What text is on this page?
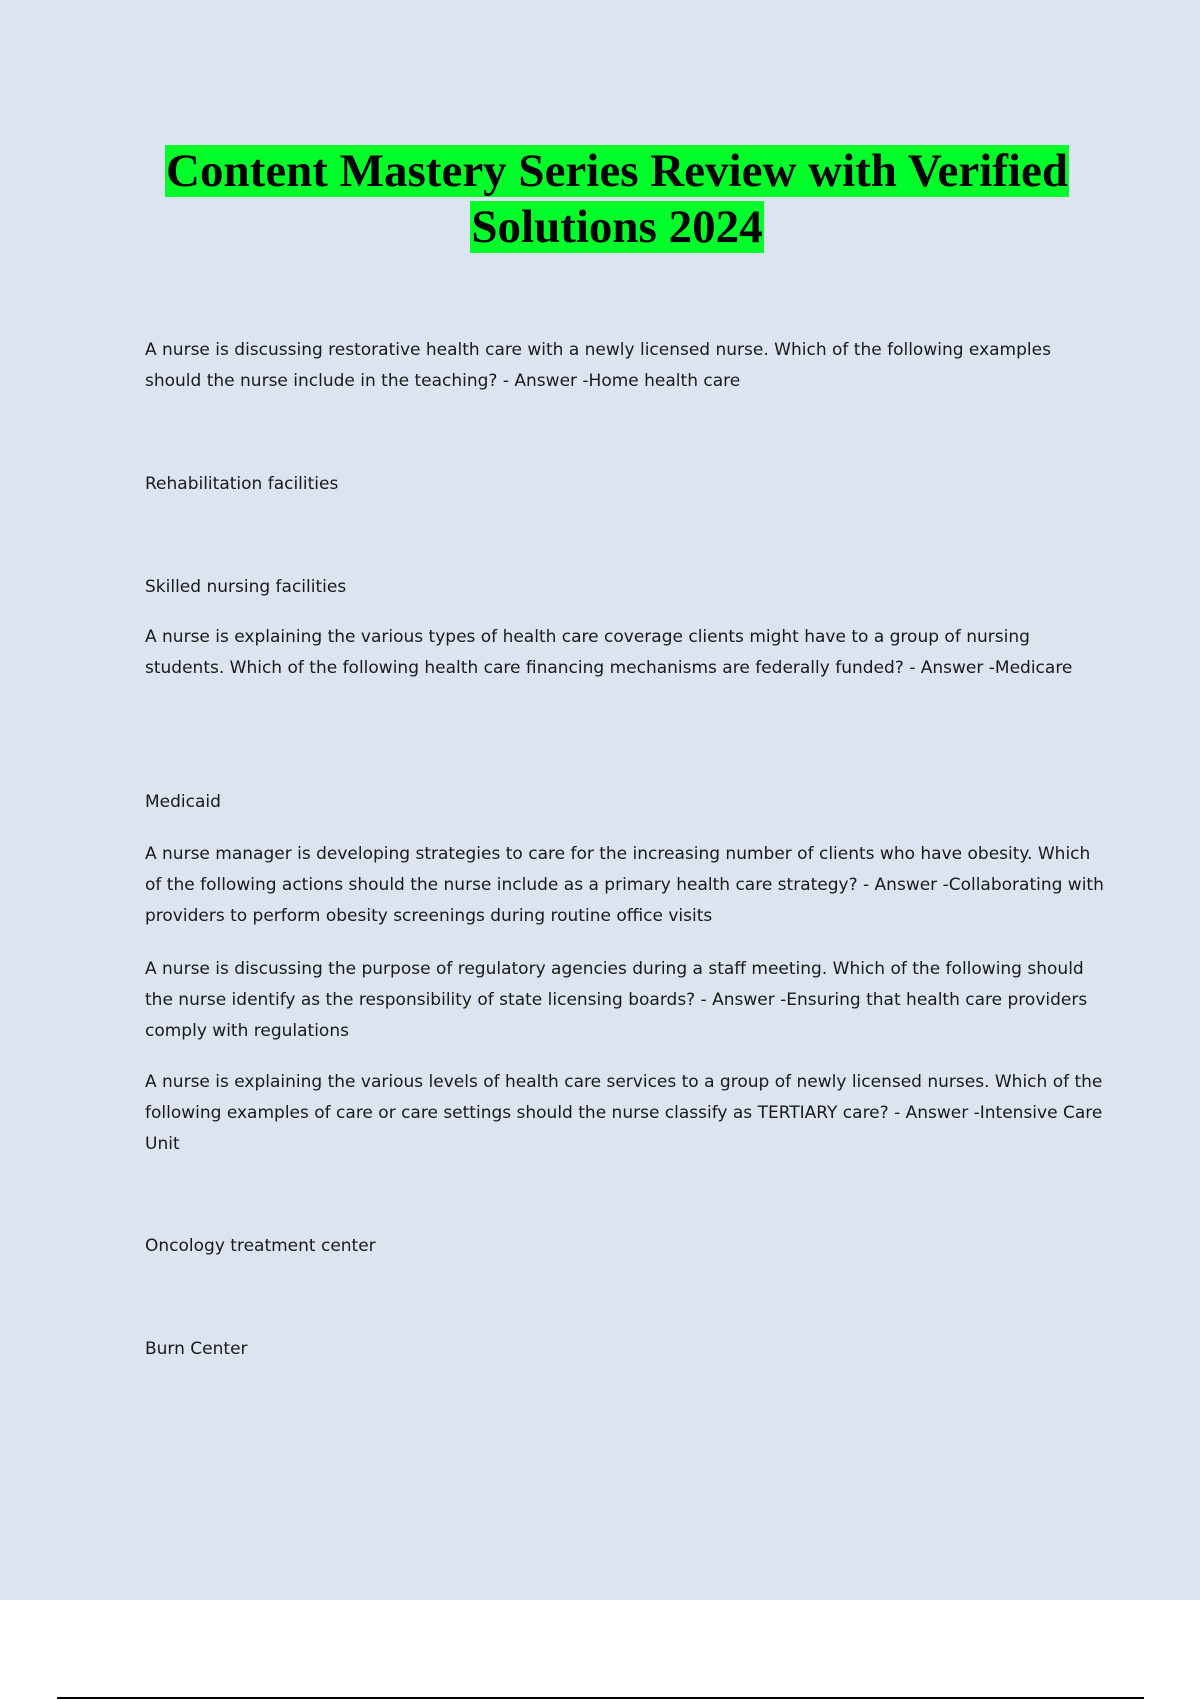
Content Mastery Series Review with Verified
Solutions 2024

A nurse is discussing restorative health care with a newly licensed nurse. Which of the following examples should the nurse include in the teaching? - Answer -Home health care

Rehabilitation facilities

Skilled nursing facilities

A nurse is explaining the various types of health care coverage clients might have to a group of nursing students. Which of the following health care financing mechanisms are federally funded? - Answer -Medicare

Medicaid

A nurse manager is developing strategies to care for the increasing number of clients who have obesity. Which of the following actions should the nurse include as a primary health care strategy? - Answer -Collaborating with providers to perform obesity screenings during routine office visits

A nurse is discussing the purpose of regulatory agencies during a staff meeting. Which of the following should the nurse identify as the responsibility of state licensing boards? - Answer -Ensuring that health care providers comply with regulations

A nurse is explaining the various levels of health care services to a group of newly licensed nurses. Which of the following examples of care or care settings should the nurse classify as TERTIARY care? - Answer -Intensive Care Unit

Oncology treatment center

Burn Center
